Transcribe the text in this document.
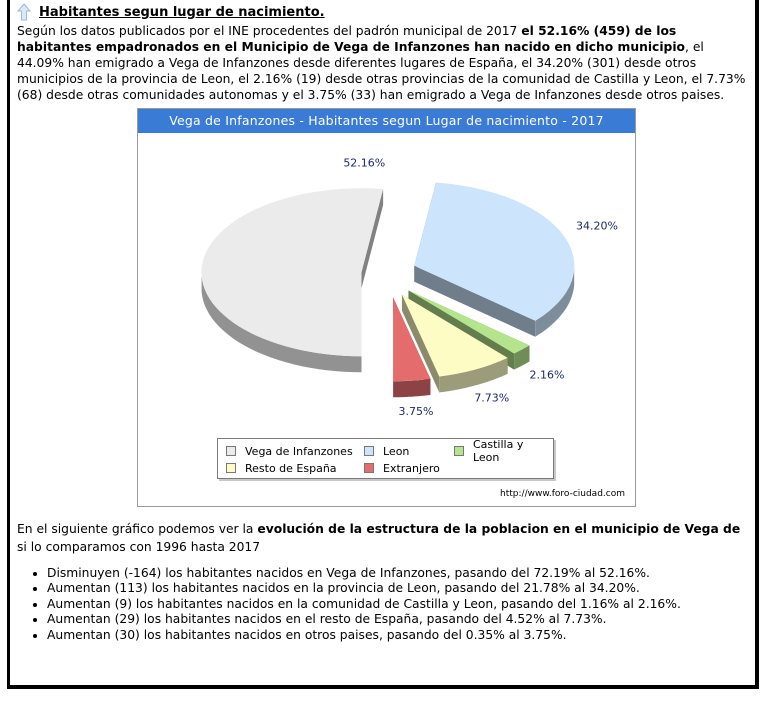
Habitantes segun lugar de nacimiento.
Según los datos publicados por el INE procedentes del padrón municipal de 2017 el 52.16% (459) de los habitantes empadronados en el Municipio de Vega de Infanzones han nacido en dicho municipio, el 44.09% han emigrado a Vega de Infanzones desde diferentes lugares de España, el 34.20% (301) desde otros municipios de la provincia de Leon, el 2.16% (19) desde otras provincias de la comunidad de Castilla y Leon, el 7.73% (68) desde otras comunidades autonomas y el 3.75% (33) han emigrado a Vega de Infanzones desde otros paises.
52.16%
34.20%
2.16%
7.73%
3.75%
Vega de Infanzones - Habitantes segun Lugar de nacimiento - 2017
Vega de Infanzones	Leon	Castilla y Leon
Resto de España	Extranjero
http://www.foro-ciudad.com
En el siguiente gráfico podemos ver la evolución de la estructura de la poblacion en el municipio de Vega de
si lo comparamos con 1996 hasta 2017
• Disminuyen (-164) los habitantes nacidos en Vega de Infanzones, pasando del 72.19% al 52.16%.
• Aumentan (113) los habitantes nacidos en la provincia de Leon, pasando del 21.78% al 34.20%.
• Aumentan (9) los habitantes nacidos en la comunidad de Castilla y Leon, pasando del 1.16% al 2.16%.
• Aumentan (29) los habitantes nacidos en el resto de España, pasando del 4.52% al 7.73%.
• Aumentan (30) los habitantes nacidos en otros paises, pasando del 0.35% al 3.75%.
